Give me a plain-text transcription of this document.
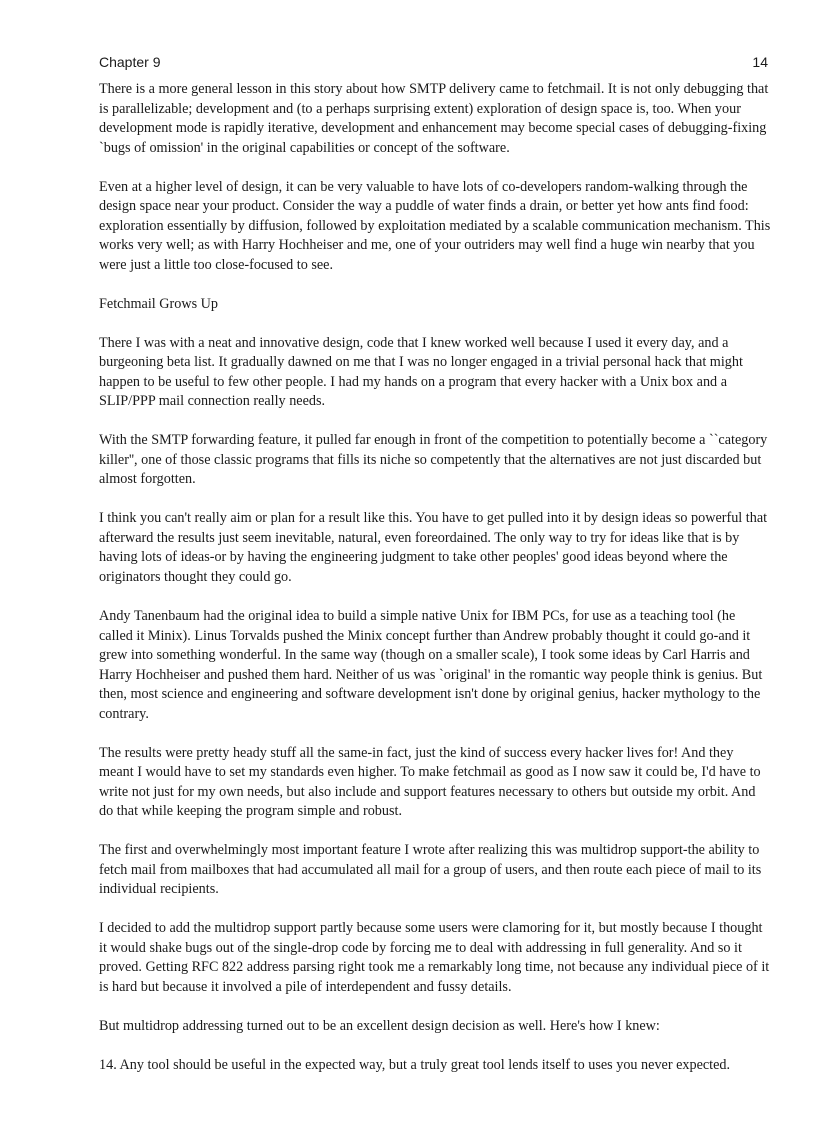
Chapter 9	14

There is a more general lesson in this story about how SMTP delivery came to fetchmail. It is not only debugging that is parallelizable; development and (to a perhaps surprising extent) exploration of design space is, too. When your development mode is rapidly iterative, development and enhancement may become special cases of debugging-fixing `bugs of omission' in the original capabilities or concept of the software.

Even at a higher level of design, it can be very valuable to have lots of co-developers random-walking through the design space near your product. Consider the way a puddle of water finds a drain, or better yet how ants find food: exploration essentially by diffusion, followed by exploitation mediated by a scalable communication mechanism. This works very well; as with Harry Hochheiser and me, one of your outriders may well find a huge win nearby that you were just a little too close-focused to see.

Fetchmail Grows Up

There I was with a neat and innovative design, code that I knew worked well because I used it every day, and a burgeoning beta list. It gradually dawned on me that I was no longer engaged in a trivial personal hack that might happen to be useful to few other people. I had my hands on a program that every hacker with a Unix box and a SLIP/PPP mail connection really needs.

With the SMTP forwarding feature, it pulled far enough in front of the competition to potentially become a ``category killer'', one of those classic programs that fills its niche so competently that the alternatives are not just discarded but almost forgotten.

I think you can't really aim or plan for a result like this. You have to get pulled into it by design ideas so powerful that afterward the results just seem inevitable, natural, even foreordained. The only way to try for ideas like that is by having lots of ideas-or by having the engineering judgment to take other peoples' good ideas beyond where the originators thought they could go.

Andy Tanenbaum had the original idea to build a simple native Unix for IBM PCs, for use as a teaching tool (he called it Minix). Linus Torvalds pushed the Minix concept further than Andrew probably thought it could go-and it grew into something wonderful. In the same way (though on a smaller scale), I took some ideas by Carl Harris and Harry Hochheiser and pushed them hard. Neither of us was `original' in the romantic way people think is genius. But then, most science and engineering and software development isn't done by original genius, hacker mythology to the contrary.

The results were pretty heady stuff all the same-in fact, just the kind of success every hacker lives for! And they meant I would have to set my standards even higher. To make fetchmail as good as I now saw it could be, I'd have to write not just for my own needs, but also include and support features necessary to others but outside my orbit. And do that while keeping the program simple and robust.

The first and overwhelmingly most important feature I wrote after realizing this was multidrop support-the ability to fetch mail from mailboxes that had accumulated all mail for a group of users, and then route each piece of mail to its individual recipients.

I decided to add the multidrop support partly because some users were clamoring for it, but mostly because I thought it would shake bugs out of the single-drop code by forcing me to deal with addressing in full generality. And so it proved. Getting RFC 822 address parsing right took me a remarkably long time, not because any individual piece of it is hard but because it involved a pile of interdependent and fussy details.

But multidrop addressing turned out to be an excellent design decision as well. Here's how I knew:

14. Any tool should be useful in the expected way, but a truly great tool lends itself to uses you never expected.
